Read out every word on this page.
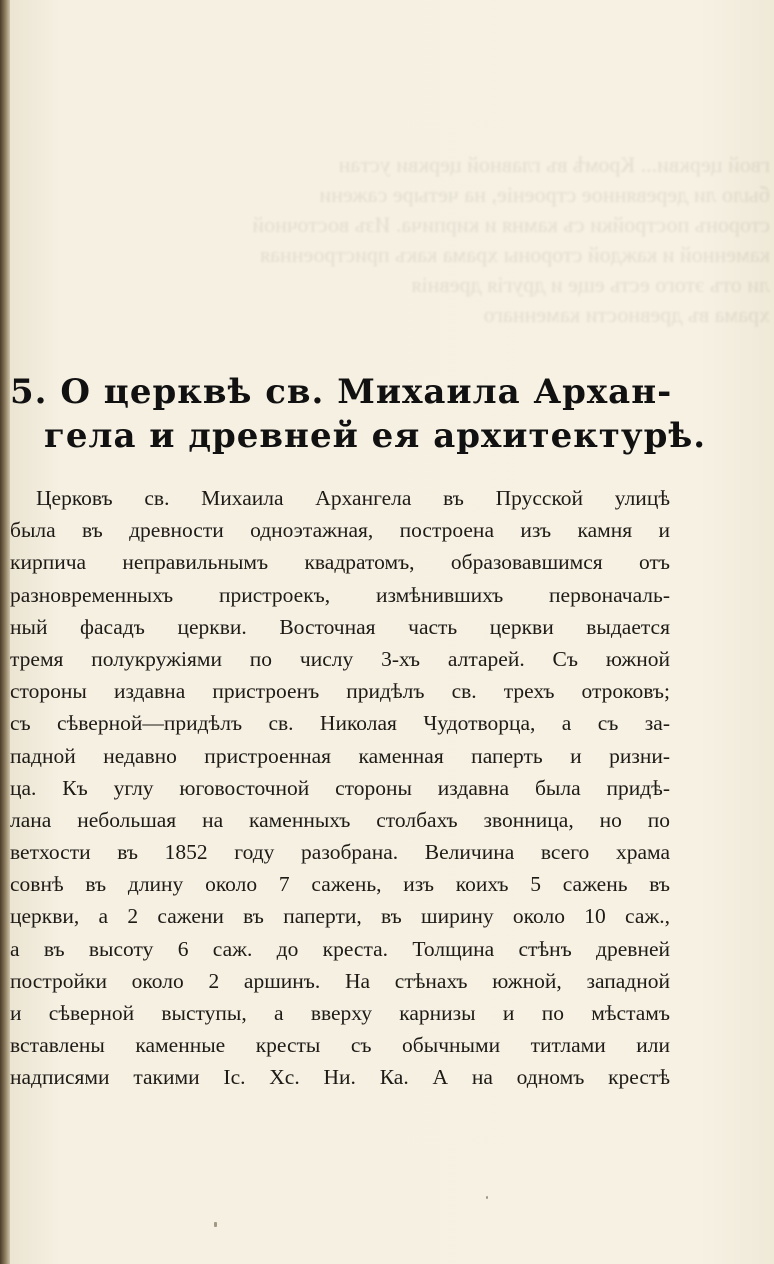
гвой церкви... Кромѣ въ главной церкви устан
было ли деревянное строеніе, на четыре сажени
сторонъ постройки съ камня и кирпича. Изъ восточной
каменной и каждой стороны храма какъ пристроенная
ли отъ этого есть еще и другія древнія
храма въ древности каменнаго
5. О церквѣ св. Михаила Архан-
гела и древней ея архитектурѣ.
Церковъ св. Михаила Архангела въ Прусской улицѣ
была въ древности одноэтажная, построена изъ камня и
кирпича неправильнымъ квадратомъ, образовавшимся отъ
разновременныхъ пристроекъ, измѣнившихъ первоначаль-
ный фасадъ церкви. Восточная часть церкви выдается
тремя полукружіями по числу 3-хъ алтарей. Съ южной
стороны издавна пристроенъ придѣлъ св. трехъ отроковъ;
съ сѣверной—придѣлъ св. Николая Чудотворца, а съ за-
падной недавно пристроенная каменная паперть и ризни-
ца. Къ углу юговосточной стороны издавна была придѣ-
лана небольшая на каменныхъ столбахъ звонница, но по
ветхости въ 1852 году разобрана. Величина всего храма
совнѣ въ длину около 7 сажень, изъ коихъ 5 сажень въ
церкви, а 2 сажени въ паперти, въ ширину около 10 саж.,
а въ высоту 6 саж. до креста. Толщина стѣнъ древней
постройки около 2 аршинъ. На стѣнахъ южной, западной
и сѣверной выступы, а вверху карнизы и по мѣстамъ
вставлены каменные кресты съ обычными титлами или
надписями такими Іс. Хс. Ни. Ка. А на одномъ крестѣ
